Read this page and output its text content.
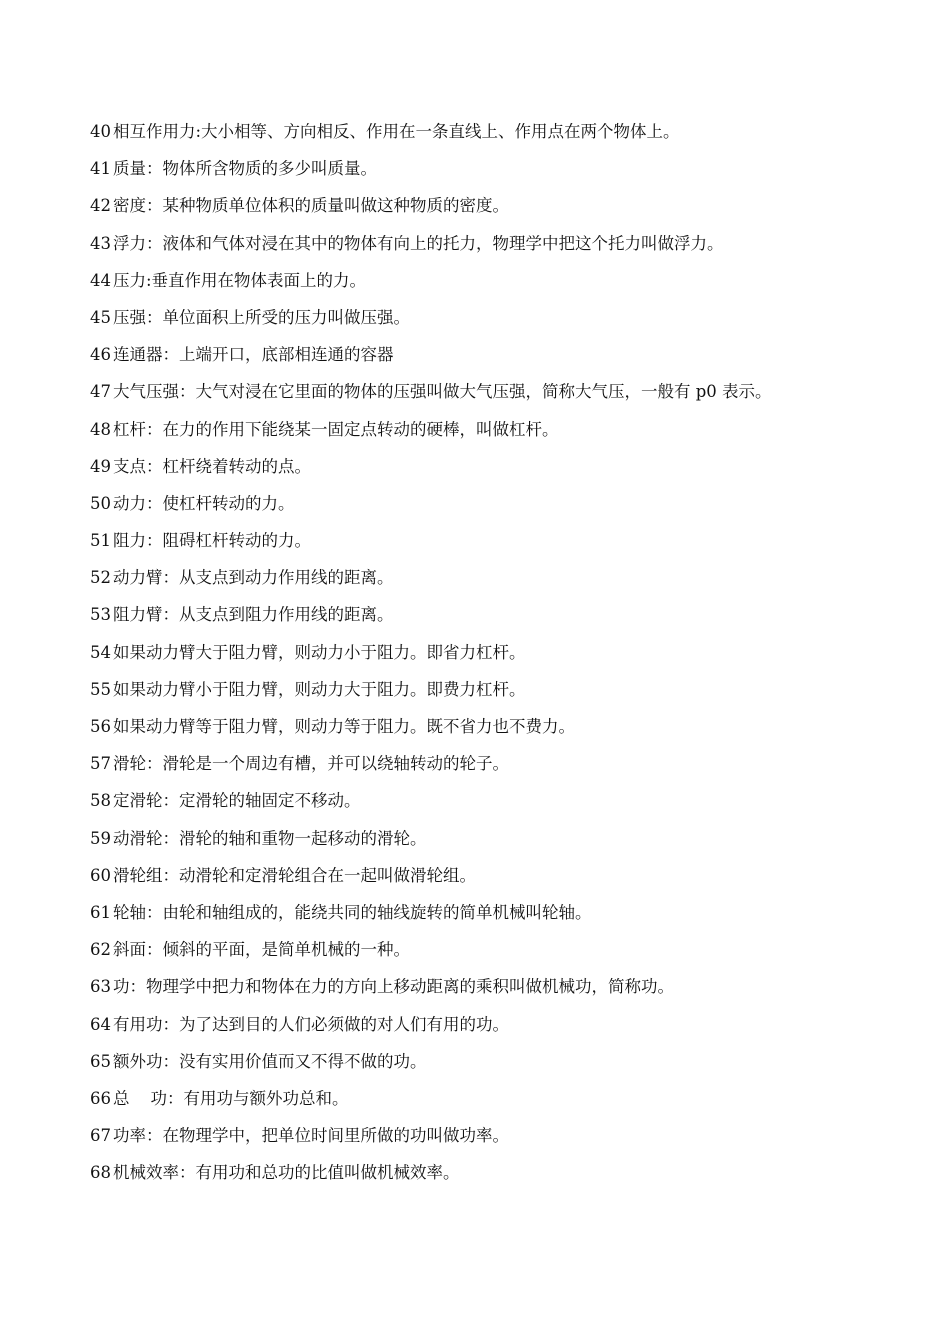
40 相互作用力:大小相等、方向相反、作用在一条直线上、作用点在两个物体上。
41 质量：物体所含物质的多少叫质量。
42 密度：某种物质单位体积的质量叫做这种物质的密度。
43 浮力：液体和气体对浸在其中的物体有向上的托力，物理学中把这个托力叫做浮力。
44 压力:垂直作用在物体表面上的力。
45 压强：单位面积上所受的压力叫做压强。
46 连通器：上端开口，底部相连通的容器
47 大气压强：大气对浸在它里面的物体的压强叫做大气压强，简称大气压，一般有 p0 表示。
48 杠杆：在力的作用下能绕某一固定点转动的硬棒，叫做杠杆。
49 支点：杠杆绕着转动的点。
50 动力：使杠杆转动的力。
51 阻力：阻碍杠杆转动的力。
52 动力臂：从支点到动力作用线的距离。
53 阻力臂：从支点到阻力作用线的距离。
54 如果动力臂大于阻力臂，则动力小于阻力。即省力杠杆。
55 如果动力臂小于阻力臂，则动力大于阻力。即费力杠杆。
56 如果动力臂等于阻力臂，则动力等于阻力。既不省力也不费力。
57 滑轮：滑轮是一个周边有槽，并可以绕轴转动的轮子。
58 定滑轮：定滑轮的轴固定不移动。
59 动滑轮：滑轮的轴和重物一起移动的滑轮。
60 滑轮组：动滑轮和定滑轮组合在一起叫做滑轮组。
61 轮轴：由轮和轴组成的，能绕共同的轴线旋转的简单机械叫轮轴。
62 斜面：倾斜的平面，是简单机械的一种。
63 功：物理学中把力和物体在力的方向上移动距离的乘积叫做机械功，简称功。
64 有用功：为了达到目的人们必须做的对人们有用的功。
65 额外功：没有实用价值而又不得不做的功。
66 总    功：有用功与额外功总和。
67 功率：在物理学中，把单位时间里所做的功叫做功率。
68 机械效率：有用功和总功的比值叫做机械效率。
